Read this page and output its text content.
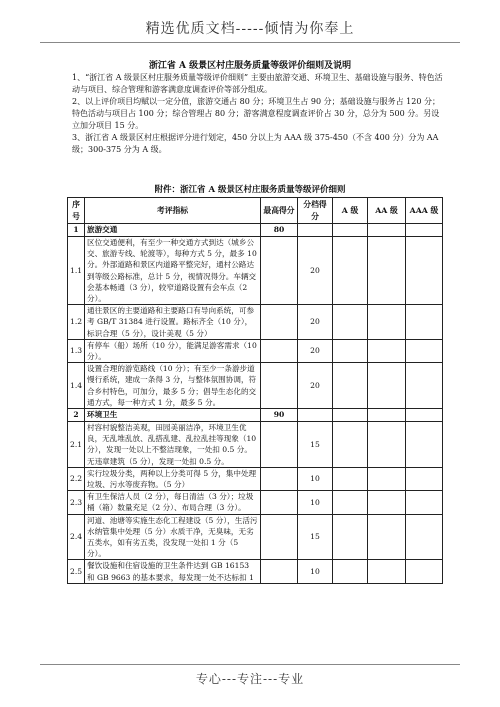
精选优质文档-----倾情为你奉上
浙江省 A 级景区村庄服务质量等级评价细则及说明

1、“浙江省 A 级景区村庄服务质量等级评价细则” 主要由旅游交通、环境卫生、基础设施与服务、特色活动与项目、综合管理和游客满意度调查评价等部分组成。

2、以上评价项目均赋以一定分值，旅游交通占 80 分；环境卫生占 90 分；基础设施与服务占 120 分；特色活动与项目占 100 分；综合管理占 80 分；游客满意程度调查评价占 30 分，总分为 500 分。另设立加分项目 15 分。

3、浙江省 A 级景区村庄根据评分进行划定，450 分以上为 AAA 级 375-450（不含 400 分）分为 AA 级；300-375 分为 A 级。

附件：浙江省 A 级景区村庄服务质量等级评价细则
序号	考评指标	最高得分	分档得分	A 级	AA 级	AAA 级
1	旅游交通	80				
1.1	区位交通便利，有至少一种交通方式到达（城乡公交、旅游专线、轮渡等），每种方式 5 分，最多 10 分。外部道路和景区内道路平整完好，通村公路达到等级公路标准，总计 5 分，视情况得分。车辆交会基本畅通（3 分），较窄道路设置有会车点（2 分）。		20			
1.2	通往景区的主要道路和主要路口有导向系统，可参考 GB/T 31384 进行设置。路标齐全（10 分），标识合理（5 分），设计美观（5 分）		20			
1.3	有停车（船）场所（10 分），能满足游客需求（10 分）。		20			
1.4	设置合理的游览路线（10 分）；有至少一条游步道慢行系统，建成一条得 3 分，与整体氛围协调，符合乡村特色，可加分，最多 5 分；倡导生态化的交通方式，每一种方式 1 分，最多 5 分。		20			
2	环境卫生	90				
2.1	村容村貌整洁美观，田园美丽洁净，环境卫生优良，无乱堆乱放、乱搭乱建、乱拉乱挂等现象（10 分），发现一处以上不整洁现象，一处扣 0.5 分。无违章建筑（5 分），发现一处扣 0.5 分。		15			
2.2	实行垃圾分类，两种以上分类可得 5 分，集中处理垃圾、污水等废弃物。（5 分）		10			
2.3	有卫生保洁人员（2 分），每日清洁（3 分）；垃圾桶（箱）数量充足（2 分）、布局合理（3 分）。		10			
2.4	河道、池塘等实施生态化工程建设（5 分），生活污水纳管集中处理（5 分）水质干净，无臭味，无劣五类水，如有劣五类，没发现一处扣 1 分（5 分）。		15			
2.5	餐饮设施和住宿设施的卫生条件达到 GB 16153 和 GB 9663 的基本要求，每发现一处不达标扣 1		10			
专心---专注---专业
